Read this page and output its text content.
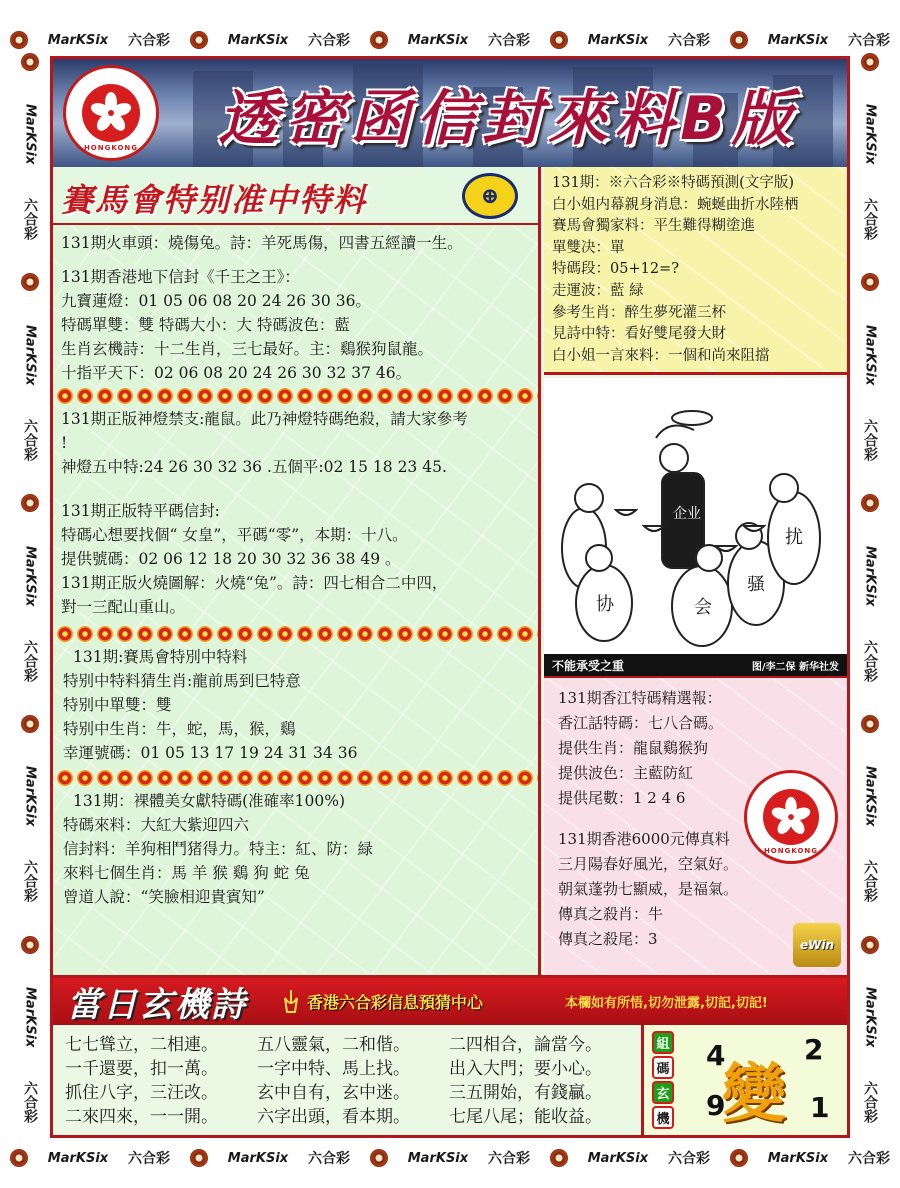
MarKSix 六合彩	MarKSix 六合彩	MarKSix 六合彩	MarKSix 六合彩	MarKSix 六合彩
MarKSix 六合彩	MarKSix 六合彩	MarKSix 六合彩	MarKSix 六合彩	MarKSix 六合彩
MarKSix
六合彩
MarKSix
六合彩
MarKSix
六合彩
MarKSix
六合彩
MarKSix
六合彩
MarKSix
六合彩
MarKSix
六合彩
MarKSix
六合彩
MarKSix
六合彩
MarKSix
六合彩
HONGKONG	透密函信封來料B版
賽馬會特别准中特料	⊕
131期火車頭：燒傷兔。詩：羊死馬傷，四書五經讀一生。
131期香港地下信封《千王之王》：
九寶蓮燈：01 05 06 08 20 24 26 30 36。
特碼單雙：雙 特碼大小：大 特碼波色：藍
生肖玄機詩：十二生肖，三七最好。主：鷄猴狗鼠龍。
十指平天下：02 06 08 20 24 26 30 32 37 46。
131期正版神燈禁支:龍鼠。此乃神燈特碼绝殺，請大家參考
!
神燈五中特:24 26 30 32 36 .五個平:02 15 18 23 45.
131期正版特平碼信封:
特碼心想要找個“ 女皇”，平碼“零”，本期：十八。
提供號碼：02 06 12 18 20 30 32 36 38 49 。
131期正版火燒圖解：火燒“兔”。詩：四七相合二中四，
對一三配山重山。
131期:賽馬會特別中特料
特别中特料猜生肖:龍前馬到巳特意
特别中單雙：雙
特别中生肖：牛，蛇，馬，猴，鷄
幸運號碼：01 05 13 17 19 24 31 34 36
131期：裸體美女獻特碼(准確率100%)
特碼來料：大紅大紫迎四六
信封料：羊狗相鬥猪得力。特主：紅、防：緑
來料七個生肖：馬 羊 猴 鷄 狗 蛇 兔
曾道人說：“笑臉相迎貴賓知”
131期：※六合彩※特碼預測(文字版)
白小姐内幕親身消息：蜿蜒曲折水陸栖
賽馬會獨家料：平生難得糊塗進
單雙决：單
特碼段：05+12=?
走運波：藍 緑
參考生肖：醉生夢死灌三杯
見詩中特：看好雙尾發大財
白小姐一言來料：一個和尚來阻擋
企业
协	会
骚
扰
不能承受之重	图/李二保 新华社发
131期香江特碼精選報：
香江話特碼：七八合碼。
提供生肖：龍鼠鷄猴狗
提供波色：主藍防紅
提供尾數：1 2 4 6
131期香港6000元傳真料
三月陽春好風光，空氣好。
朝氣蓬勃七顯威，是福氣。
傳真之殺肖：牛
傳真之殺尾：3
HONGKONG
eWin
當日玄機詩	香港六合彩信息預猜中心	本欄如有所悟,切勿泄露,切記,切記!
七七聳立，二相連。	五八靈氣，二和偕。	二四相合，論當今。
一千還要，扣一萬。	一字中特、馬上找。	出入大門；要小心。
抓住八字，三汪改。	玄中自有，玄中迷。	三五開始，有錢贏。
二來四來，一一開。	六字出頭，看本期。	七尾八尾；能收益。
組
碼
玄
機
4	2
9	1
變
